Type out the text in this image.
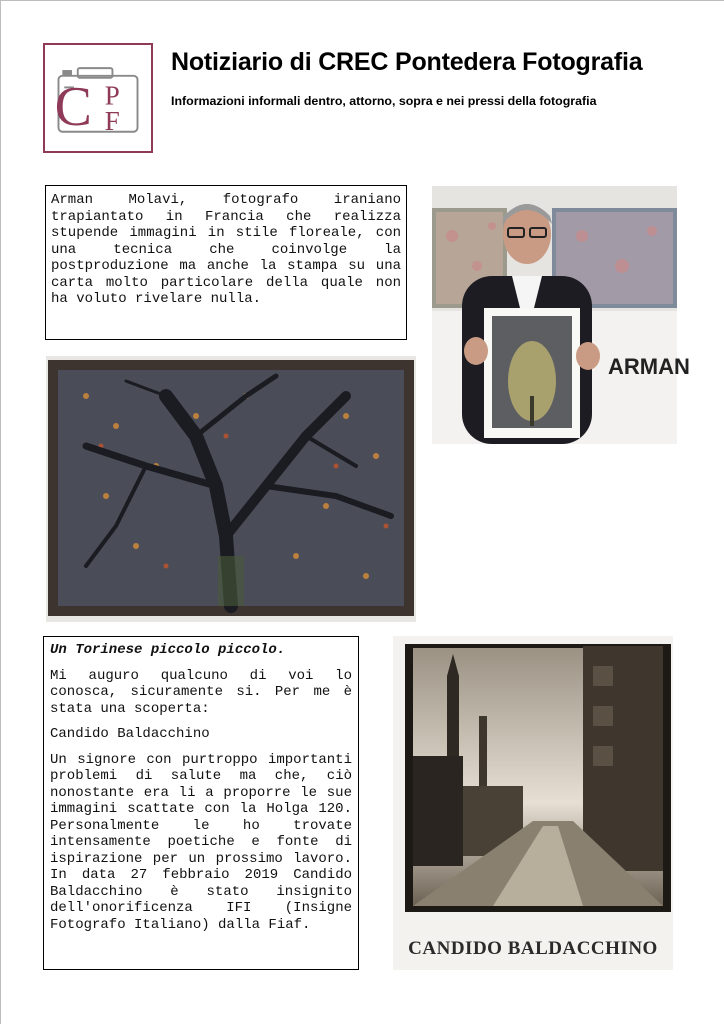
C P
F
Notiziario di CREC Pontedera Fotografia
Informazioni informali dentro, attorno, sopra e nei pressi della fotografia
Arman Molavi, fotografo iraniano trapiantato in Francia che realizza stupende immagini in stile floreale, con una tecnica che coinvolge la postproduzione ma anche la stampa su una carta molto particolare della quale non ha voluto rivelare nulla.
ARMAN
Un Torinese piccolo piccolo.

Mi auguro qualcuno di voi lo conosca, sicuramente si. Per me è stata una scoperta:

Candido Baldacchino

Un signore con purtroppo importanti problemi di salute ma che, ciò nonostante era li a proporre le sue immagini scattate con la Holga 120. Personalmente le ho trovate intensamente poetiche e fonte di ispirazione per un prossimo lavoro. In data 27 febbraio 2019 Candido Baldacchino è stato insignito dell'onorificenza IFI (Insigne Fotografo Italiano) dalla Fiaf.

CANDIDO BALDACCHINO
